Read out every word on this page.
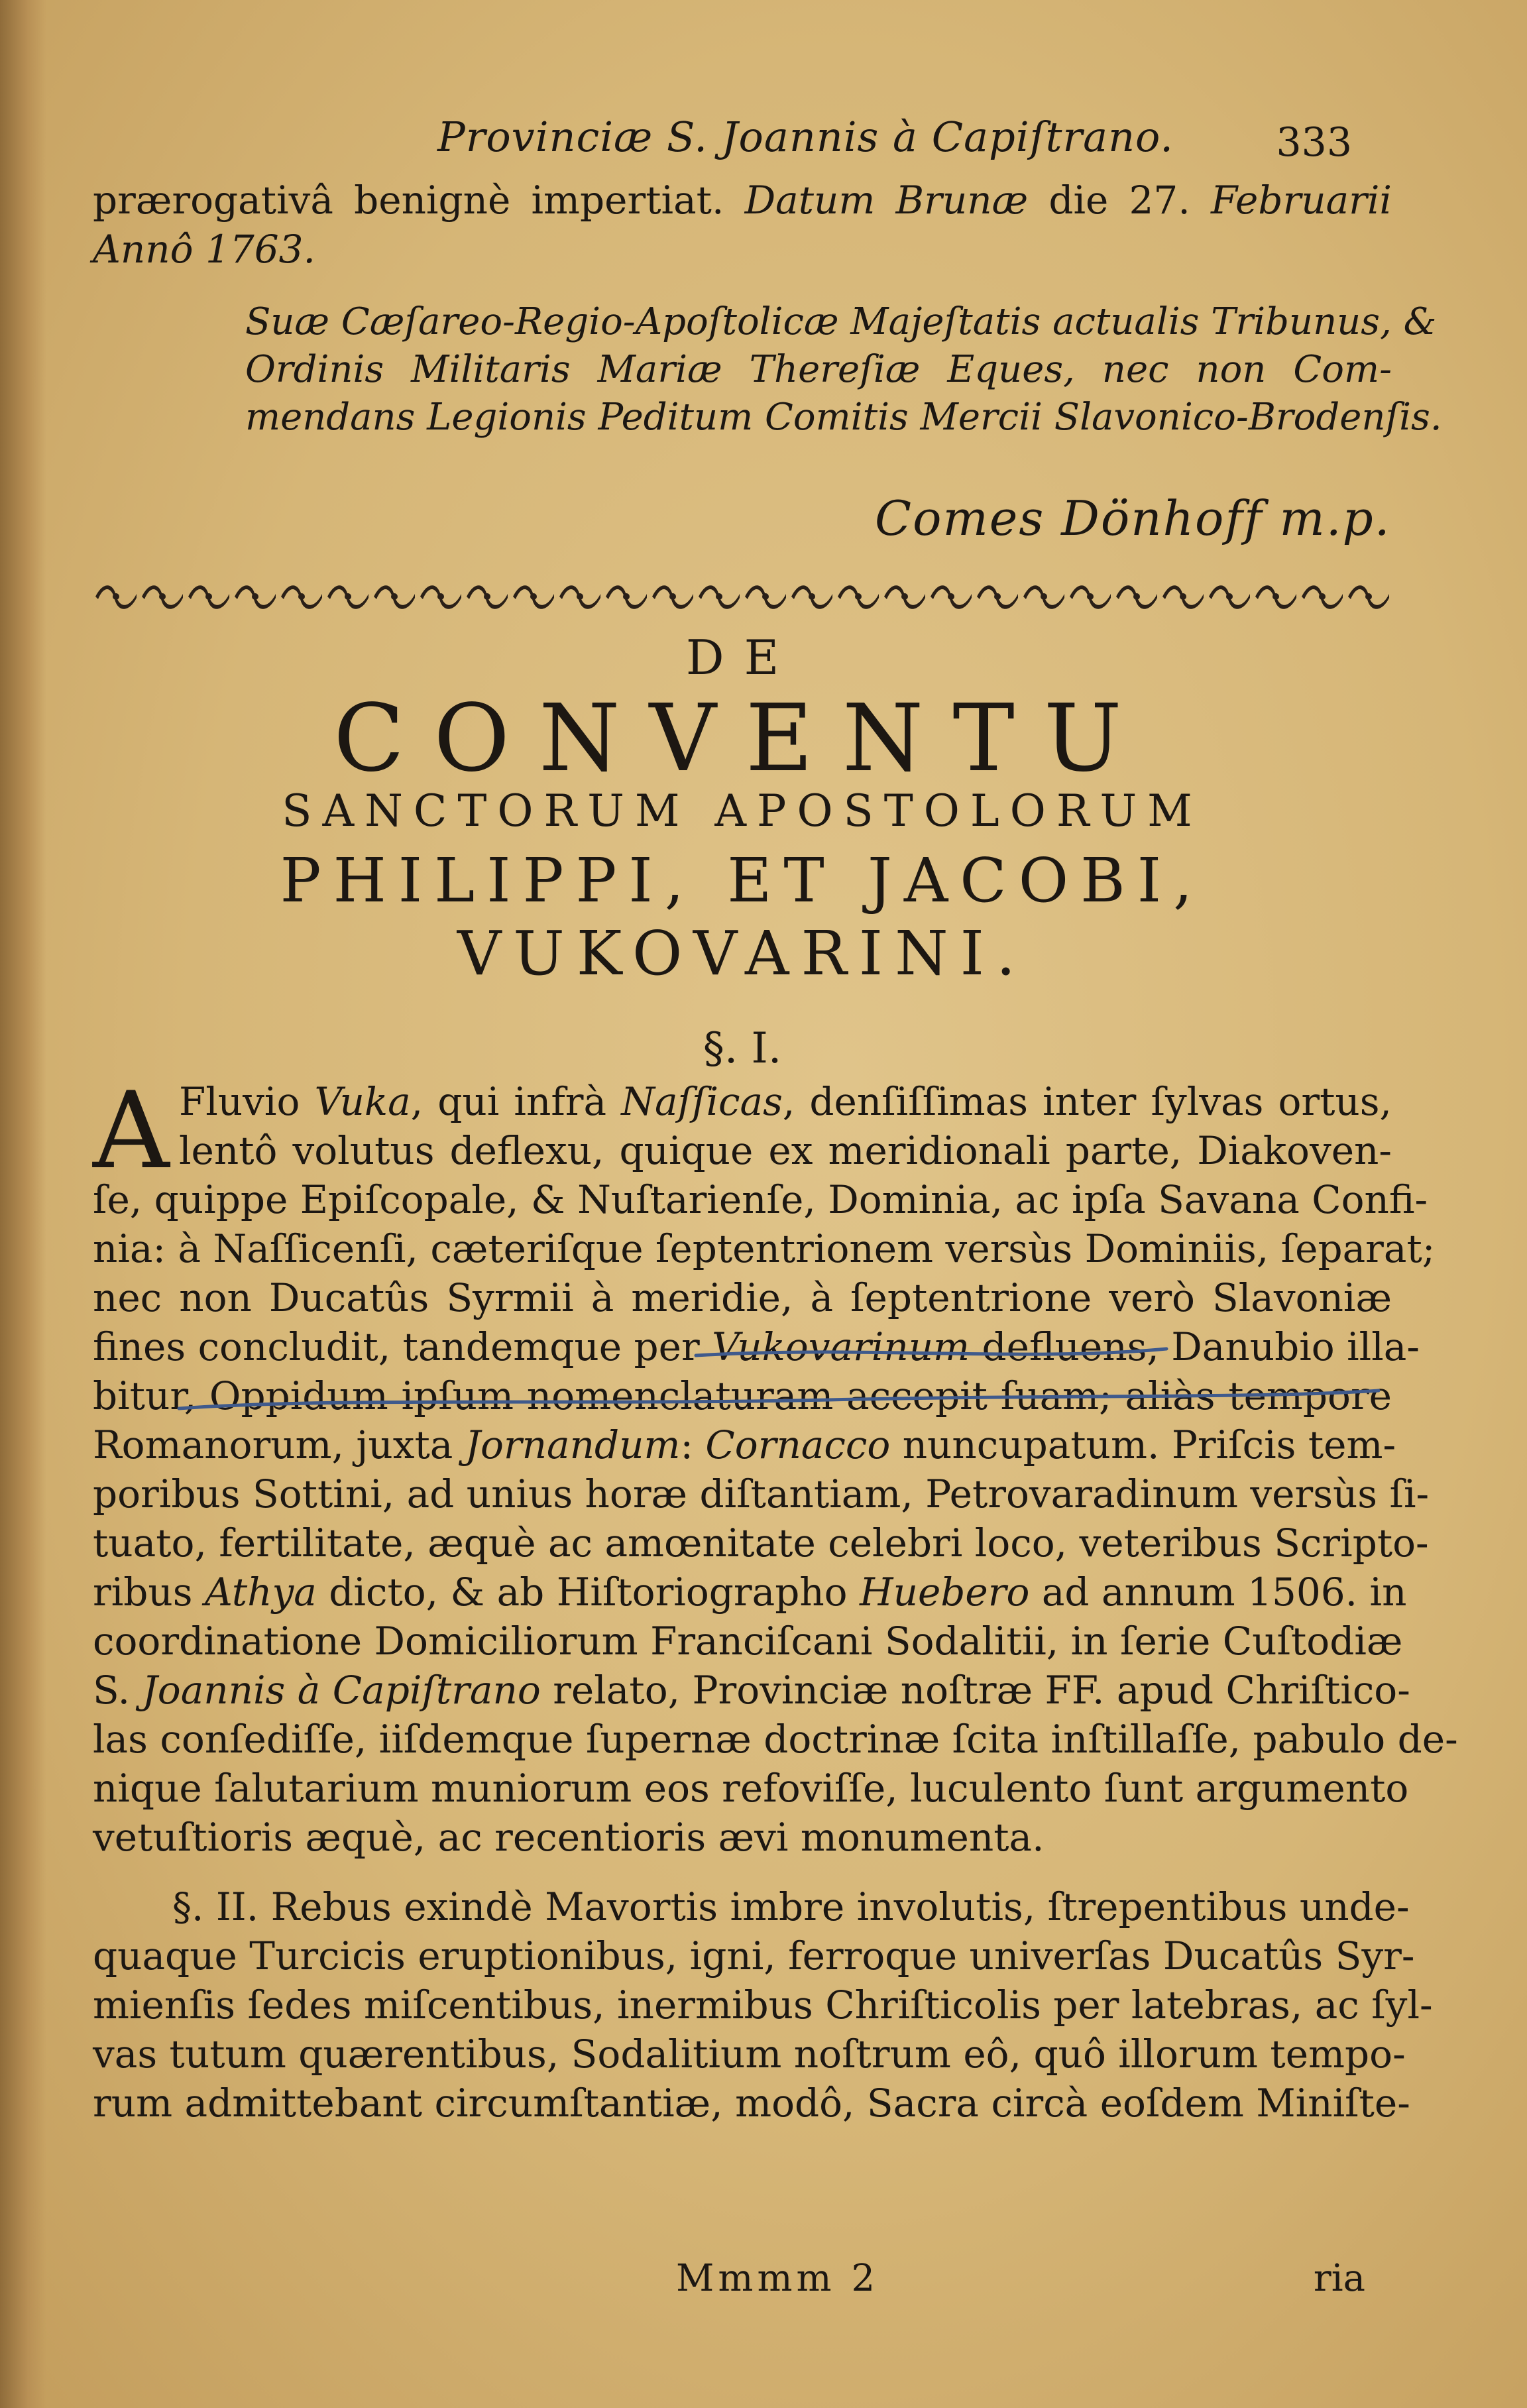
Provinciæ S. Joannis à Capiſtrano.	333
prærogativâ benignè impertiat. Datum Brunæ die 27. Februarii
Annô 1763.
Suæ Cæſareo-Regio-Apoſtolicæ Majeſtatis actualis Tribunus, &
Ordinis Militaris Mariæ Thereſiæ Eques, nec non Com-
mendans Legionis Peditum Comitis Mercii Slavonico-Brodenſis.
Comes Dönhoff m.p.
DE
CONVENTU
SANCTORUM APOSTOLORUM
PHILIPPI, ET JACOBI,
VUKOVARINI.
§. I.
A Fluvio Vuka, qui infrà Naſſicas, denſiſſimas inter ſylvas ortus,
lentô volutus deflexu, quique ex meridionali parte, Diakoven-
ſe, quippe Epiſcopale, & Nuſtarienſe, Dominia, ac ipſa Savana Confi-
nia: à Naſſicenſi, cæteriſque ſeptentrionem versùs Dominiis, ſeparat;
nec non Ducatûs Syrmii à meridie, à ſeptentrione verò Slavoniæ
fines concludit, tandemque per Vukovarinum defluens, Danubio illa-
bitur, Oppidum ipſum nomenclaturam accepit ſuam; aliàs tempore
Romanorum, juxta Jornandum: Cornacco nuncupatum. Priſcis tem-
poribus Sottini, ad unius horæ diſtantiam, Petrovaradinum versùs ſi-
tuato, fertilitate, æquè ac amœnitate celebri loco, veteribus Scripto-
ribus Athya dicto, & ab Hiſtoriographo Huebero ad annum 1506. in
coordinatione Domiciliorum Franciſcani Sodalitii, in ſerie Cuſtodiæ
S. Joannis à Capiſtrano relato, Provinciæ noſtræ FF. apud Chriſtico-
las conſediſſe, iiſdemque ſupernæ doctrinæ ſcita inſtillaſſe, pabulo de-
nique ſalutarium muniorum eos refoviſſe, luculento ſunt argumento
vetuſtioris æquè, ac recentioris ævi monumenta.
§. II. Rebus exindè Mavortis imbre involutis, ſtrepentibus unde-
quaque Turcicis eruptionibus, igni, ferroque univerſas Ducatûs Syr-
mienſis ſedes miſcentibus, inermibus Chriſticolis per latebras, ac ſyl-
vas tutum quærentibus, Sodalitium noſtrum eô, quô illorum tempo-
rum admittebant circumſtantiæ, modô, Sacra circà eoſdem Miniſte-
Mmmm 2	ria
